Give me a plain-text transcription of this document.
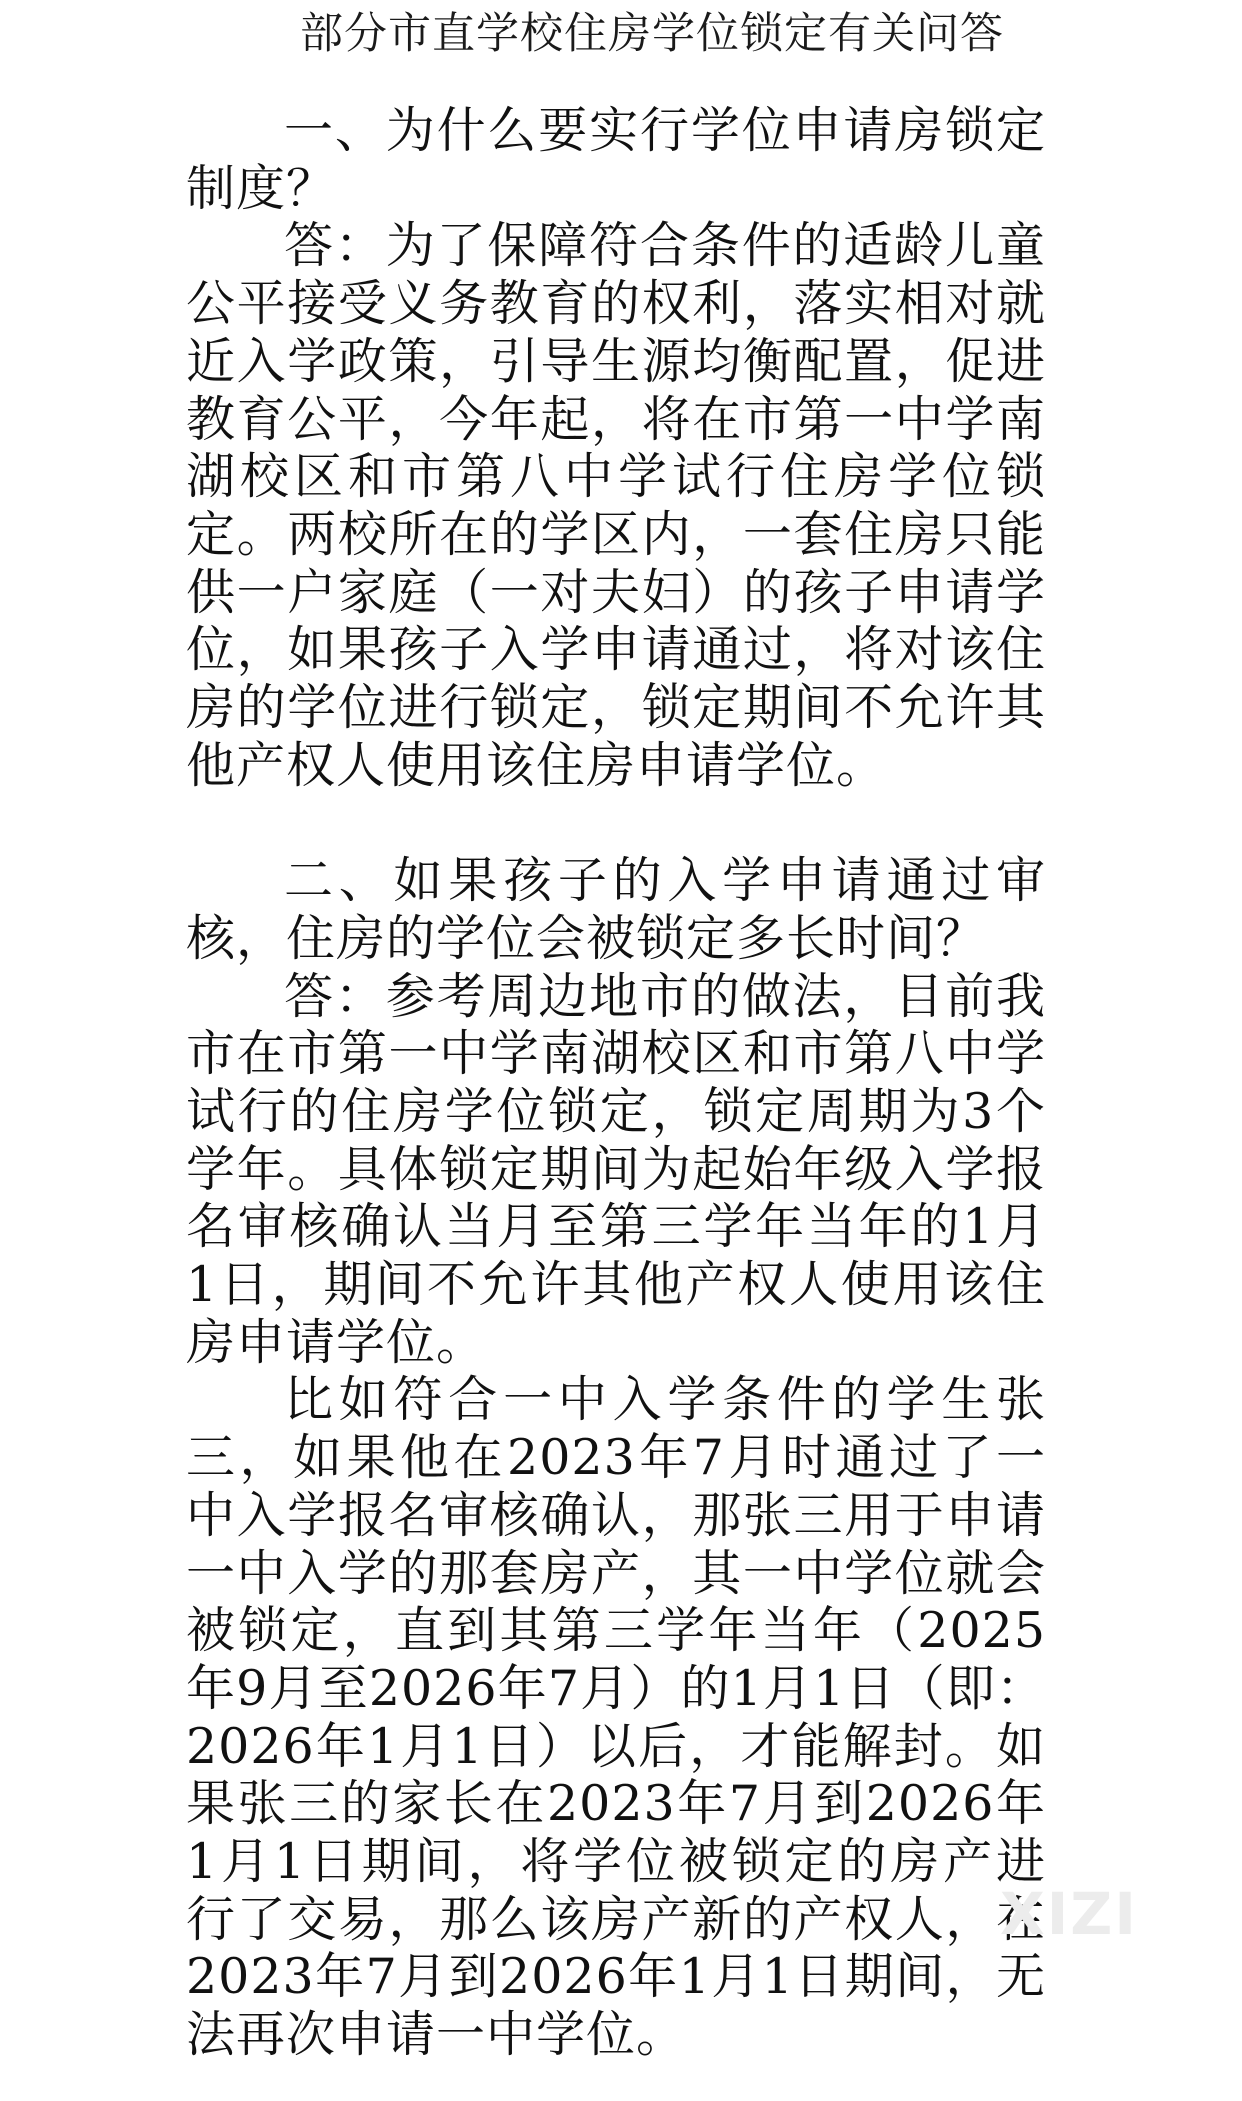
部分市直学校住房学位锁定有关问答

一、为什么要实行学位申请房锁定制度？

答：为了保障符合条件的适龄儿童公平接受义务教育的权利，落实相对就近入学政策，引导生源均衡配置，促进教育公平，今年起，将在市第一中学南湖校区和市第八中学试行住房学位锁定。两校所在的学区内，一套住房只能供一户家庭（一对夫妇）的孩子申请学位，如果孩子入学申请通过，将对该住房的学位进行锁定，锁定期间不允许其他产权人使用该住房申请学位。

二、如果孩子的入学申请通过审核，住房的学位会被锁定多长时间？

答：参考周边地市的做法，目前我市在市第一中学南湖校区和市第八中学试行的住房学位锁定，锁定周期为3个学年。具体锁定期间为起始年级入学报名审核确认当月至第三学年当年的1月1日，期间不允许其他产权人使用该住房申请学位。

比如符合一中入学条件的学生张三，如果他在2023年7月时通过了一中入学报名审核确认，那张三用于申请一中入学的那套房产，其一中学位就会被锁定，直到其第三学年当年（2025年9月至2026年7月）的1月1日（即：2026年1月1日）以后，才能解封。如果张三的家长在2023年7月到2026年1月1日期间，将学位被锁定的房产进行了交易，那么该房产新的产权人，在2023年7月到2026年1月1日期间，无法再次申请一中学位。

XIZI
